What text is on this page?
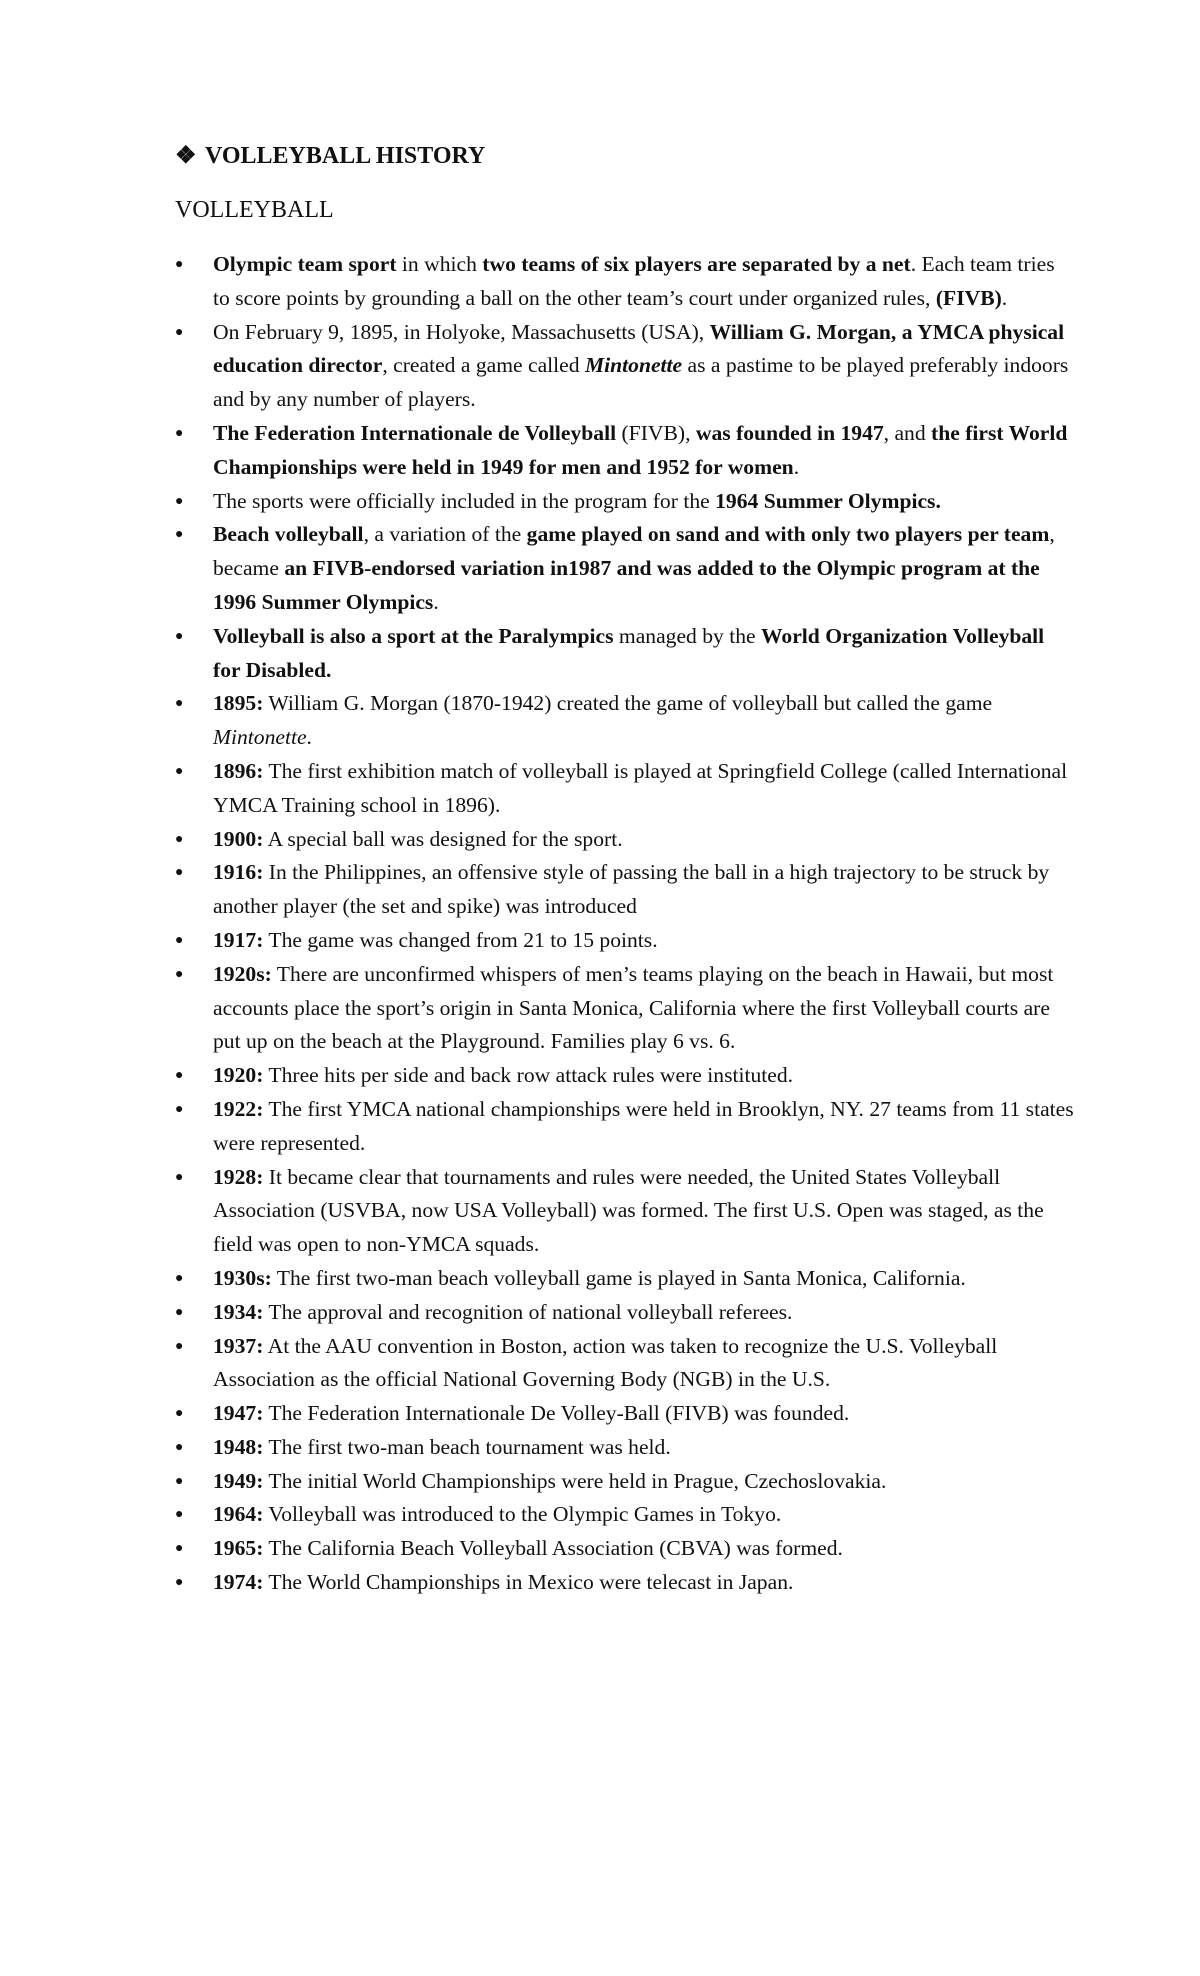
❖ VOLLEYBALL HISTORY
VOLLEYBALL
●	Olympic team sport in which two teams of six players are separated by a net. Each team tries to score points by grounding a ball on the other team’s court under organized rules, (FIVB).
●	On February 9, 1895, in Holyoke, Massachusetts (USA), William G. Morgan, a YMCA physical education director, created a game called Mintonette as a pastime to be played preferably indoors and by any number of players.
●	The Federation Internationale de Volleyball (FIVB), was founded in 1947, and the first World Championships were held in 1949 for men and 1952 for women.
●	The sports were officially included in the program for the 1964 Summer Olympics.
●	Beach volleyball, a variation of the game played on sand and with only two players per team, became an FIVB-endorsed variation in1987 and was added to the Olympic program at the 1996 Summer Olympics.
●	Volleyball is also a sport at the Paralympics managed by the World Organization Volleyball for Disabled.
●	1895: William G. Morgan (1870-1942) created the game of volleyball but called the game Mintonette.
●	1896: The first exhibition match of volleyball is played at Springfield College (called International YMCA Training school in 1896).
●	1900: A special ball was designed for the sport.
●	1916: In the Philippines, an offensive style of passing the ball in a high trajectory to be struck by another player (the set and spike) was introduced
●	1917: The game was changed from 21 to 15 points.
●	1920s: There are unconfirmed whispers of men’s teams playing on the beach in Hawaii, but most accounts place the sport’s origin in Santa Monica, California where the first Volleyball courts are put up on the beach at the Playground. Families play 6 vs. 6.
●	1920: Three hits per side and back row attack rules were instituted.
●	1922: The first YMCA national championships were held in Brooklyn, NY. 27 teams from 11 states were represented.
●	1928: It became clear that tournaments and rules were needed, the United States Volleyball Association (USVBA, now USA Volleyball) was formed. The first U.S. Open was staged, as the field was open to non-YMCA squads.
●	1930s: The first two-man beach volleyball game is played in Santa Monica, California.
●	1934: The approval and recognition of national volleyball referees.
●	1937: At the AAU convention in Boston, action was taken to recognize the U.S. Volleyball Association as the official National Governing Body (NGB) in the U.S.
●	1947: The Federation Internationale De Volley-Ball (FIVB) was founded.
●	1948: The first two-man beach tournament was held.
●	1949: The initial World Championships were held in Prague, Czechoslovakia.
●	1964: Volleyball was introduced to the Olympic Games in Tokyo.
●	1965: The California Beach Volleyball Association (CBVA) was formed.
●	1974: The World Championships in Mexico were telecast in Japan.
